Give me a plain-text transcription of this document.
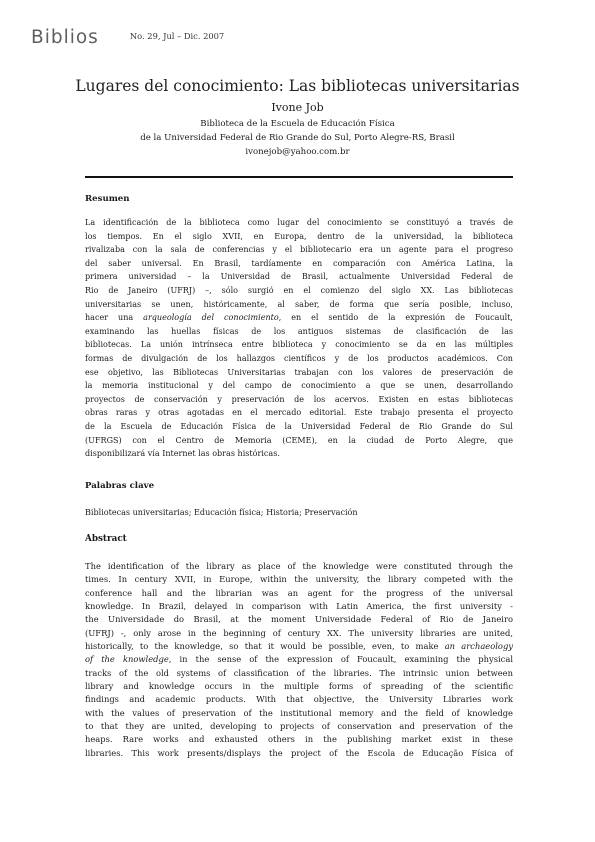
Biblios	$^{No. 29, Jul - Dic. 2007}$
Lugares del conocimiento: Las bibliotecas universitarias
Ivone Job
Biblioteca de la Escuela de Educación Física
de la Universidad Federal de Rio Grande do Sul, Porto Alegre-RS, Brasil
ivonejob@yahoo.com.br
Resumen
La identificación de la biblioteca como lugar del conocimiento se constituyó a través de
los tiempos. En el siglo XVII, en Europa, dentro de la universidad, la biblioteca
rivalizaba con la sala de conferencias y el bibliotecario era un agente para el progreso
del saber universal. En Brasil, tardíamente en comparación con América Latina, la
primera universidad – la Universidad de Brasil, actualmente Universidad Federal de
Rio de Janeiro (UFRJ) –, sólo surgió en el comienzo del siglo XX. Las bibliotecas
universitarias se unen, históricamente, al saber, de forma que sería posible, incluso,
hacer una arqueología del conocimiento, en el sentido de la expresión de Foucault,
examinando las huellas físicas de los antiguos sistemas de clasificación de las
bibliotecas. La unión intrínseca entre biblioteca y conocimiento se da en las múltiples
formas de divulgación de los hallazgos científicos y de los productos académicos. Con
ese objetivo, las Bibliotecas Universitarias trabajan con los valores de preservación de
la memoria institucional y del campo de conocimiento a que se unen, desarrollando
proyectos de conservación y preservación de los acervos. Existen en estas bibliotecas
obras raras y otras agotadas en el mercado editorial. Este trabajo presenta el proyecto
de la Escuela de Educación Física de la Universidad Federal de Rio Grande do Sul
(UFRGS) con el Centro de Memoria (CEME), en la ciudad de Porto Alegre, que
disponibilizará vía Internet las obras históricas.
Palabras clave
Bibliotecas universitarias; Educación física; Historia; Preservación
Abstract
The identification of the library as place of the knowledge were constituted through the
times. In century XVII, in Europe, within the university, the library competed with the
conference hall and the librarian was an agent for the progress of the universal
knowledge. In Brazil, delayed in comparison with Latin America, the first university -
the Universidade do Brasil, at the moment Universidade Federal of Rio de Janeiro
(UFRJ) -, only arose in the beginning of century XX. The university libraries are united,
historically, to the knowledge, so that it would be possible, even, to make an archaeology
of the knowledge, in the sense of the expression of Foucault, examining the physical
tracks of the old systems of classification of the libraries. The intrinsic union between
library and knowledge occurs in the multiple forms of spreading of the scientific
findings and academic products. With that objective, the University Libraries work
with the values of preservation of the institutional memory and the field of knowledge
to that they are united, developing to projects of conservation and preservation of the
heaps. Rare works and exhausted others in the publishing market exist in these
libraries. This work presents/displays the project of the Escola de Educação Física of
